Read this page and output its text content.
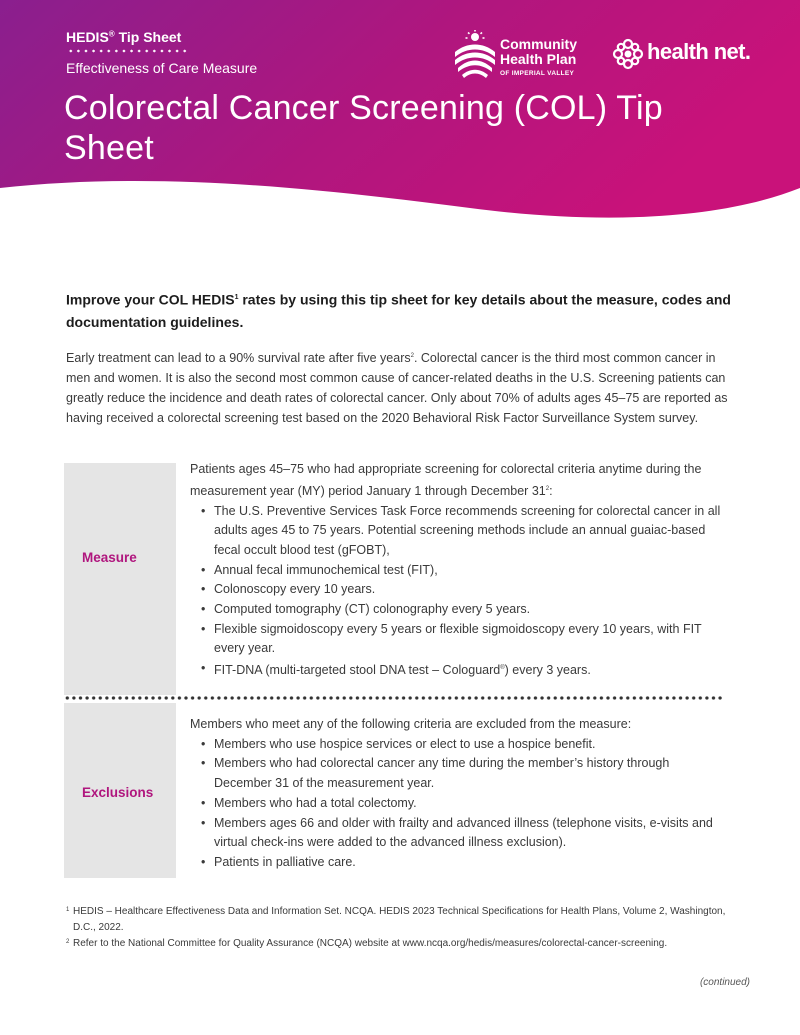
HEDIS® Tip Sheet
Effectiveness of Care Measure
Colorectal Cancer Screening (COL) Tip Sheet
Community
Health Plan
OF IMPERIAL VALLEY
health net.
Improve your COL HEDIS$^1$ rates by using this tip sheet for key details about the measure, codes and documentation guidelines.
Early treatment can lead to a 90% survival rate after five years$^2$. Colorectal cancer is the third most common cancer in men and women. It is also the second most common cause of cancer-related deaths in the U.S. Screening patients can greatly reduce the incidence and death rates of colorectal cancer. Only about 70% of adults ages 45–75 are reported as having received a colorectal screening test based on the 2020 Behavioral Risk Factor Surveillance System survey.
Measure
Patients ages 45–75 who had appropriate screening for colorectal criteria anytime during the measurement year (MY) period January 1 through December $31^2$:
• The U.S. Preventive Services Task Force recommends screening for colorectal cancer in all adults ages 45 to 75 years. Potential screening methods include an annual guaiac-based fecal occult blood test (gFOBT),
• Annual fecal immunochemical test (FIT),
• Colonoscopy every 10 years.
• Computed tomography (CT) colonography every 5 years.
• Flexible sigmoidoscopy every 5 years or flexible sigmoidoscopy every 10 years, with FIT every year.
• FIT-DNA (multi-targeted stool DNA test – Cologuard®) every 3 years.
Exclusions
Members who meet any of the following criteria are excluded from the measure:
• Members who use hospice services or elect to use a hospice benefit.
• Members who had colorectal cancer any time during the member’s history through December 31 of the measurement year.
• Members who had a total colectomy.
• Members ages 66 and older with frailty and advanced illness (telephone visits, e-visits and virtual check-ins were added to the advanced illness exclusion).
• Patients in palliative care.
1 HEDIS – Healthcare Effectiveness Data and Information Set. NCQA. HEDIS 2023 Technical Specifications for Health Plans, Volume 2, Washington, D.C., 2022.
2 Refer to the National Committee for Quality Assurance (NCQA) website at www.ncqa.org/hedis/measures/colorectal-cancer-screening.
(continued)
